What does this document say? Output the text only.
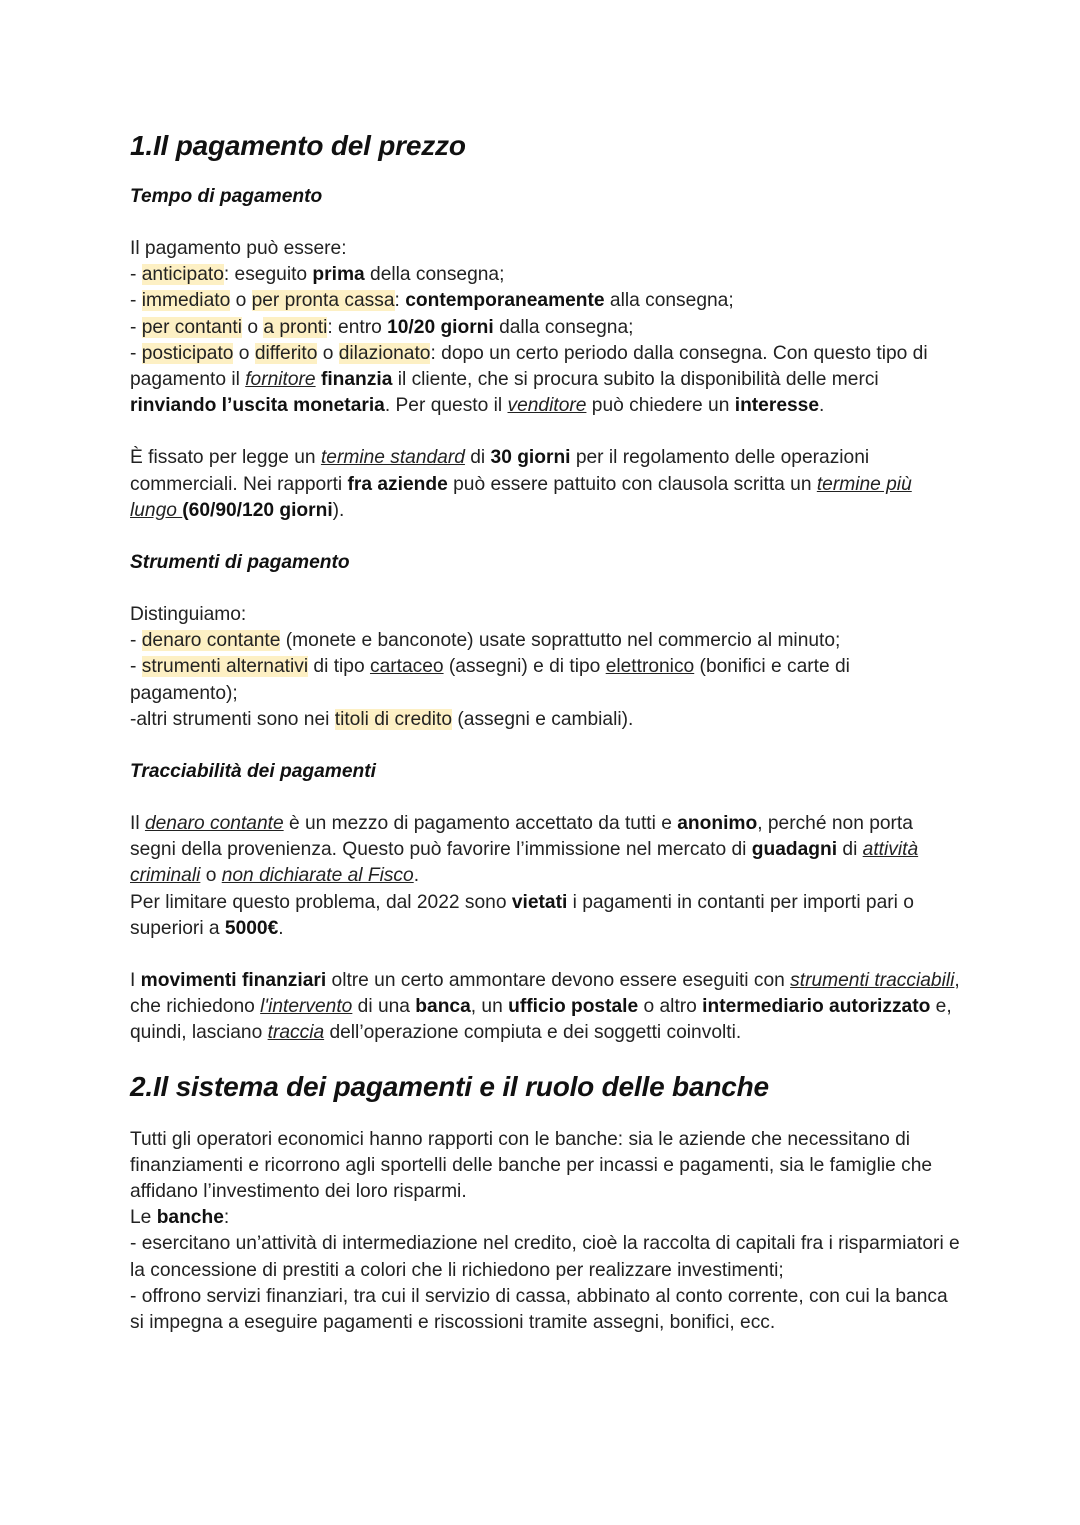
1.Il pagamento del prezzo
Tempo di pagamento

Il pagamento può essere:

- anticipato: eseguito prima della consegna;

- immediato o per pronta cassa: contemporaneamente alla consegna;

- per contanti o a pronti: entro 10/20 giorni dalla consegna;

- posticipato o differito o dilazionato: dopo un certo periodo dalla consegna. Con questo tipo di pagamento il fornitore finanzia il cliente, che si procura subito la disponibilità delle merci rinviando l’uscita monetaria. Per questo il venditore può chiedere un interesse.

È fissato per legge un termine standard di 30 giorni per il regolamento delle operazioni commerciali. Nei rapporti fra aziende può essere pattuito con clausola scritta un termine più lungo (60/90/120 giorni).

Strumenti di pagamento

Distinguiamo:

- denaro contante (monete e banconote) usate soprattutto nel commercio al minuto;

- strumenti alternativi di tipo cartaceo (assegni) e di tipo elettronico (bonifici e carte di pagamento);

-altri strumenti sono nei titoli di credito (assegni e cambiali).

Tracciabilità dei pagamenti

Il denaro contante è un mezzo di pagamento accettato da tutti e anonimo, perché non porta segni della provenienza. Questo può favorire l’immissione nel mercato di guadagni di attività criminali o non dichiarate al Fisco.

Per limitare questo problema, dal 2022 sono vietati i pagamenti in contanti per importi pari o superiori a 5000€.

I movimenti finanziari oltre un certo ammontare devono essere eseguiti con strumenti tracciabili, che richiedono l'intervento di una banca, un ufficio postale o altro intermediario autorizzato e, quindi, lasciano traccia dell’operazione compiuta e dei soggetti coinvolti.

2.Il sistema dei pagamenti e il ruolo delle banche

Tutti gli operatori economici hanno rapporti con le banche: sia le aziende che necessitano di finanziamenti e ricorrono agli sportelli delle banche per incassi e pagamenti, sia le famiglie che affidano l’investimento dei loro risparmi.

Le banche:

- esercitano un’attività di intermediazione nel credito, cioè la raccolta di capitali fra i risparmiatori e la concessione di prestiti a colori che li richiedono per realizzare investimenti;

- offrono servizi finanziari, tra cui il servizio di cassa, abbinato al conto corrente, con cui la banca si impegna a eseguire pagamenti e riscossioni tramite assegni, bonifici, ecc.
